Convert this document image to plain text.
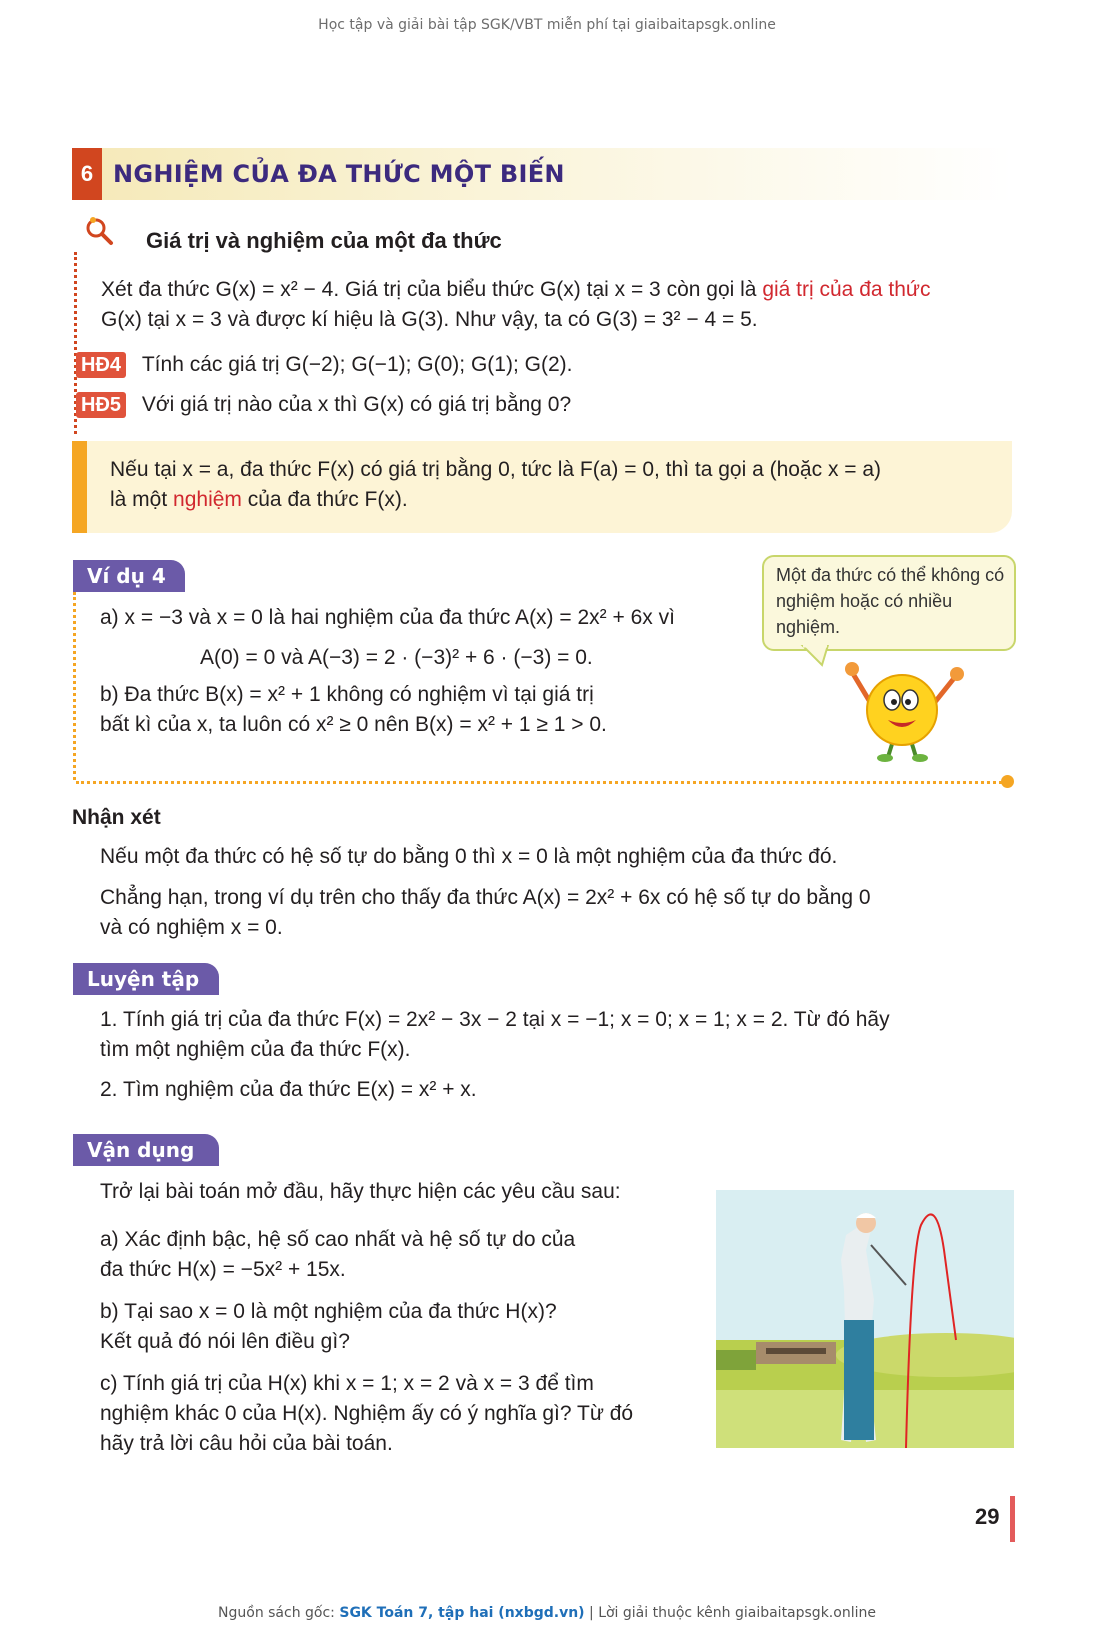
Học tập và giải bài tập SGK/VBT miễn phí tại giaibaitapsgk.online
6 NGHIỆM CỦA ĐA THỨC MỘT BIẾN
Giá trị và nghiệm của một đa thức
Xét đa thức G(x) = x² − 4. Giá trị của biểu thức G(x) tại x = 3 còn gọi là giá trị của đa thức
G(x) tại x = 3 và được kí hiệu là G(3). Như vậy, ta có G(3) = 3² − 4 = 5.
HĐ4 Tính các giá trị G(−2); G(−1); G(0); G(1); G(2).
HĐ5 Với giá trị nào của x thì G(x) có giá trị bằng 0?
Nếu tại x = a, đa thức F(x) có giá trị bằng 0, tức là F(a) = 0, thì ta gọi a (hoặc x = a)
là một nghiệm của đa thức F(x).
Ví dụ 4
a) x = −3 và x = 0 là hai nghiệm của đa thức A(x) = 2x² + 6x vì
A(0) = 0 và A(−3) = 2 · (−3)² + 6 · (−3) = 0.
b) Đa thức B(x) = x² + 1 không có nghiệm vì tại giá trị
bất kì của x, ta luôn có x² ≥ 0 nên B(x) = x² + 1 ≥ 1 > 0.
Một đa thức có thể không có nghiệm hoặc có nhiều nghiệm.
Nhận xét
Nếu một đa thức có hệ số tự do bằng 0 thì x = 0 là một nghiệm của đa thức đó.
Chẳng hạn, trong ví dụ trên cho thấy đa thức A(x) = 2x² + 6x có hệ số tự do bằng 0
và có nghiệm x = 0.
Luyện tập 6 1. Tính giá trị của đa thức F(x) = 2x² − 3x − 2 tại x = −1; x = 0; x = 1; x = 2. Từ đó hãy
tìm một nghiệm của đa thức F(x).
2. Tìm nghiệm của đa thức E(x) = x² + x.
Vận dụng
Trở lại bài toán mở đầu, hãy thực hiện các yêu cầu sau:
a) Xác định bậc, hệ số cao nhất và hệ số tự do của
đa thức H(x) = −5x² + 15x.
b) Tại sao x = 0 là một nghiệm của đa thức H(x)?
Kết quả đó nói lên điều gì?
c) Tính giá trị của H(x) khi x = 1; x = 2 và x = 3 để tìm
nghiệm khác 0 của H(x). Nghiệm ấy có ý nghĩa gì? Từ đó
hãy trả lời câu hỏi của bài toán.
29
Nguồn sách gốc: SGK Toán 7, tập hai (nxbgd.vn) | Lời giải thuộc kênh giaibaitapsgk.online
